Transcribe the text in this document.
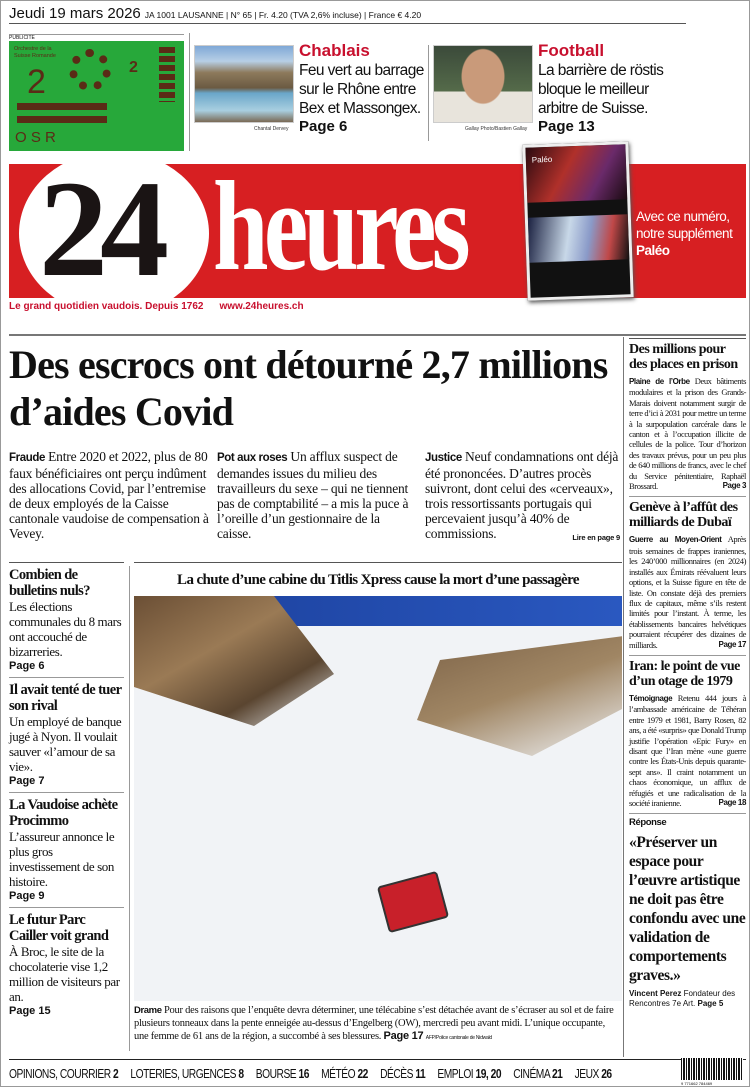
Jeudi 19 mars 2026 JA 1001 LAUSANNE | N° 65 | Fr. 4.20 (TVA 2,6% incluse) | France € 4.20
PUBLICITÉ
Orchestre de la Suisse Romande
2	2
O S R	Chantal Dervey
Chablais
Feu vert au barrage sur le Rhône entre Bex et Massongex.
Page 6	Gallay Photo/Bastien Gallay
Football
La barrière de röstis bloque le meilleur arbitre de Suisse.
Page 13
24 heures	Paléo
Avec ce numéro,
notre supplément
Paléo
Le grand quotidien vaudois. Depuis 1762 www.24heures.ch
Des escrocs ont détourné 2,7 millions d’aides Covid
Fraude Entre 2020 et 2022, plus de 80 faux bénéficiaires ont perçu indûment des allocations Covid, par l’entremise de deux employés de la Caisse cantonale vaudoise de compensation à Vevey.
Pot aux roses Un afflux suspect de demandes issues du milieu des travailleurs du sexe – qui ne tiennent pas de comptabilité – a mis la puce à l’oreille d’un gestionnaire de la caisse.
Justice Neuf condamnations ont déjà été prononcées. D’autres procès suivront, dont celui des «cerveaux», trois ressortissants portugais qui percevaient jusqu’à 40% de commissions.	Lire en page 9
Combien de bulletins nuls?
Les élections communales du 8 mars ont accouché de bizarreries.
Page 6
Il avait tenté de tuer son rival
Un employé de banque jugé à Nyon. Il voulait sauver «l’amour de sa vie».
Page 7
La Vaudoise achète Procimmo
L’assureur annonce le plus gros investissement de son histoire.
Page 9
Le futur Parc Cailler voit grand
À Broc, le site de la chocolaterie vise 1,2 million de visiteurs par an.
Page 15
La chute d’une cabine du Titlis Xpress cause la mort d’une passagère
Drame Pour des raisons que l’enquête devra déterminer, une télécabine s’est détachée avant de s’écraser au sol et de faire plusieurs tonneaux dans la pente enneigée au-dessus d’Engelberg (OW), mercredi peu avant midi. L’unique occupante, une femme de 61 ans de la région, a succombé à ses blessures. Page 17 AFP/Police cantonale de Nidwald
Des millions pour des places en prison
Plaine de l’Orbe Deux bâtiments modulaires et la prison des Grands-Marais doivent notamment surgir de terre d’ici à 2031 pour mettre un terme à la surpopulation carcérale dans le canton et à l’occupation illicite de cellules de la police. Tour d’horizon des travaux prévus, pour un peu plus de 640 millions de francs, avec le chef du Service pénitentiaire, Raphaël Brossard.	Page 3
Genève à l’affût des milliards de Dubaï
Guerre au Moyen-Orient Après trois semaines de frappes iraniennes, les 240’000 millionnaires (en 2024) installés aux Émirats réévaluent leurs options, et la Suisse figure en tête de liste. On constate déjà des premiers flux de capitaux, même s’ils restent limités pour l’instant. À terme, les établissements bancaires helvétiques pourraient récupérer des dizaines de milliards.	Page 17
Iran: le point de vue d’un otage de 1979
Témoignage Retenu 444 jours à l’ambassade américaine de Téhéran entre 1979 et 1981, Barry Rosen, 82 ans, a été «surpris» que Donald Trump justifie l’opération «Epic Fury» en disant que l’Iran mène «une guerre contre les États-Unis depuis quarante-sept ans». Il craint notamment un chaos économique, un afflux de réfugiés et une radicalisation de la société iranienne.	Page 18
Réponse
«Préserver un espace pour l’œuvre artistique ne doit pas être confondu avec une validation de comportements graves.»
Vincent Perez Fondateur des Rencontres 7e Art. Page 5
OPINIONS, COURRIER 2 LOTERIES, URGENCES 8 BOURSE 16 MÉTÉO 22 DÉCÈS 11 EMPLOI 19, 20 CINÉMA 21 JEUX 26
9 771662 784469
